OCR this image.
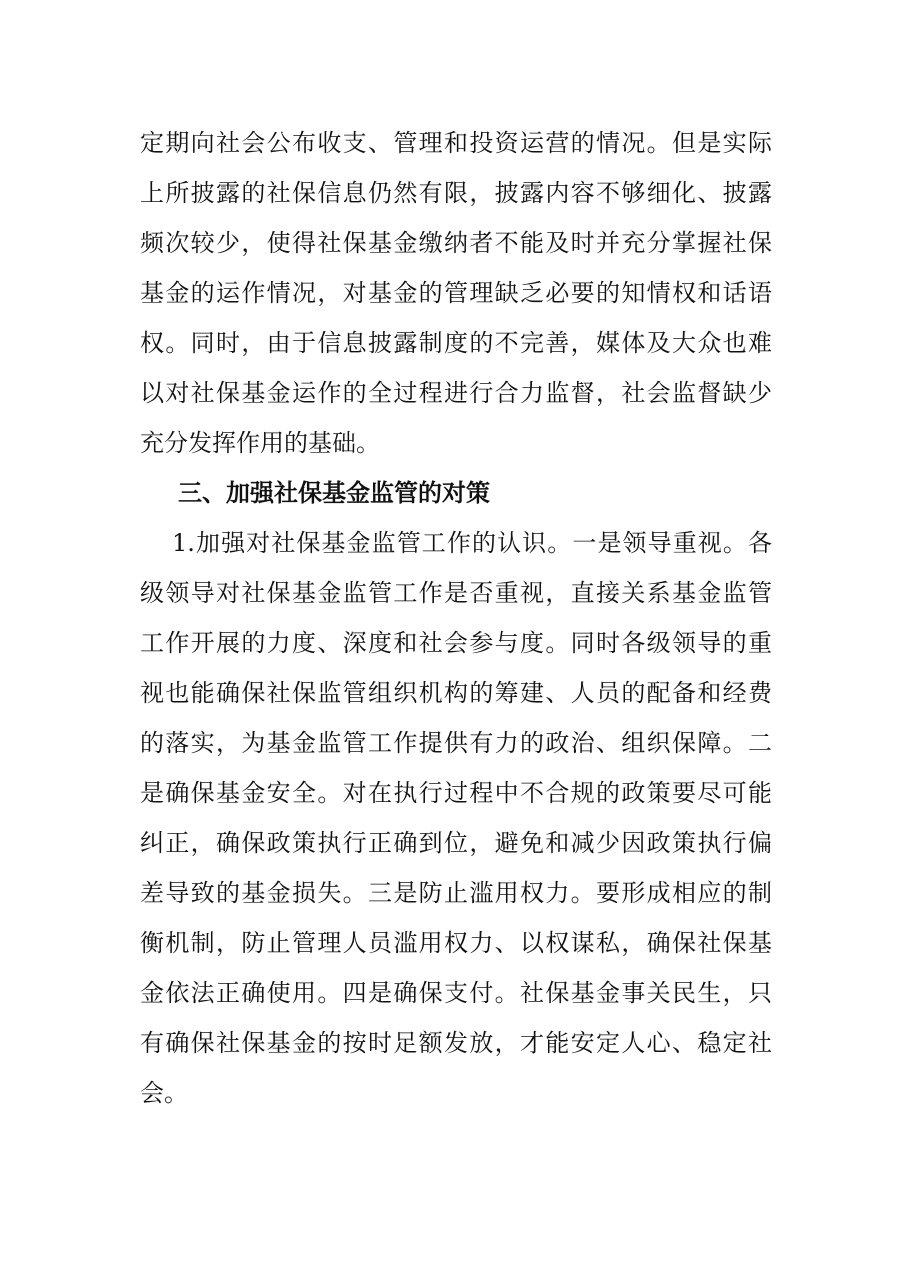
定期向社会公布收支、管理和投资运营的情况。但是实际
上所披露的社保信息仍然有限，披露内容不够细化、披露
频次较少，使得社保基金缴纳者不能及时并充分掌握社保
基金的运作情况，对基金的管理缺乏必要的知情权和话语
权。同时，由于信息披露制度的不完善，媒体及大众也难
以对社保基金运作的全过程进行合力监督，社会监督缺少
充分发挥作用的基础。
三、加强社保基金监管的对策
1.加强对社保基金监管工作的认识。一是领导重视。各
级领导对社保基金监管工作是否重视，直接关系基金监管
工作开展的力度、深度和社会参与度。同时各级领导的重
视也能确保社保监管组织机构的筹建、人员的配备和经费
的落实，为基金监管工作提供有力的政治、组织保障。二
是确保基金安全。对在执行过程中不合规的政策要尽可能
纠正，确保政策执行正确到位，避免和减少因政策执行偏
差导致的基金损失。三是防止滥用权力。要形成相应的制
衡机制，防止管理人员滥用权力、以权谋私，确保社保基
金依法正确使用。四是确保支付。社保基金事关民生，只
有确保社保基金的按时足额发放，才能安定人心、稳定社
会。
